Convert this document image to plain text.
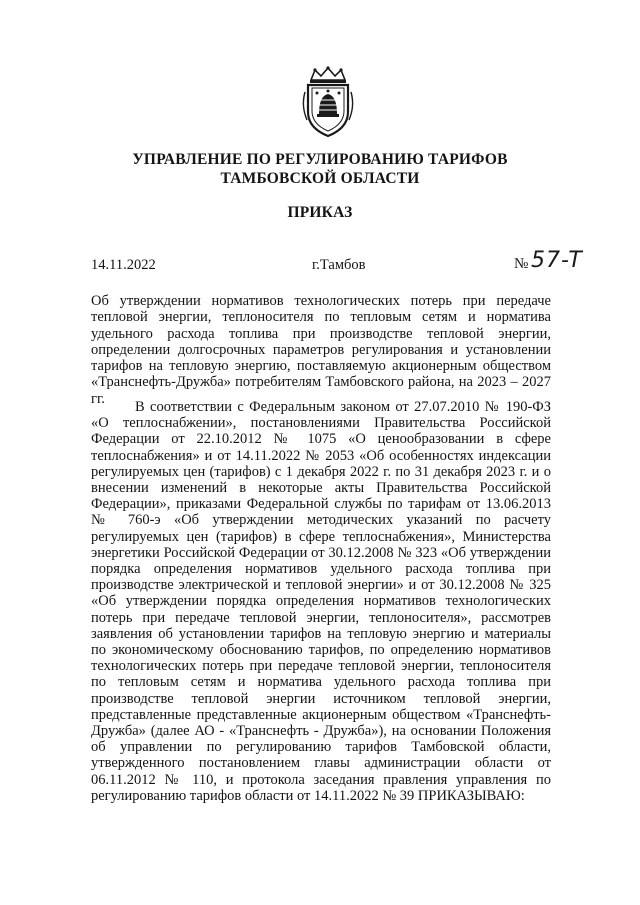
УПРАВЛЕНИЕ ПО РЕГУЛИРОВАНИЮ ТАРИФОВ
ТАМБОВСКОЙ ОБЛАСТИ
ПРИКАЗ
14.11.2022	г.Тамбов	№ 57-T
Об утверждении нормативов технологических потерь при передаче тепловой энергии, теплоносителя по тепловым сетям и норматива удельного расхода топлива при производстве тепловой энергии, определении долгосрочных параметров регулирования и установлении тарифов на тепловую энергию, поставляемую акционерным обществом «Транснефть-Дружба» потребителям Тамбовского района, на 2023 – 2027 гг.

В соответствии с Федеральным законом от 27.07.2010 № 190-ФЗ «О теплоснабжении», постановлениями Правительства Российской Федерации от 22.10.2012 № 1075 «О ценообразовании в сфере теплоснабжения» и от 14.11.2022 № 2053 «Об особенностях индексации регулируемых цен (тарифов) с 1 декабря 2022 г. по 31 декабря 2023 г. и о внесении изменений в некоторые акты Правительства Российской Федерации», приказами Федеральной службы по тарифам от 13.06.2013 № 760-э «Об утверждении методических указаний по расчету регулируемых цен (тарифов) в сфере теплоснабжения», Министерства энергетики Российской Федерации от 30.12.2008 № 323 «Об утверждении порядка определения нормативов удельного расхода топлива при производстве электрической и тепловой энергии» и от 30.12.2008 № 325 «Об утверждении порядка определения нормативов технологических потерь при передаче тепловой энергии, теплоносителя», рассмотрев заявления об установлении тарифов на тепловую энергию и материалы по экономическому обоснованию тарифов, по определению нормативов технологических потерь при передаче тепловой энергии, теплоносителя по тепловым сетям и норматива удельного расхода топлива при производстве тепловой энергии источником тепловой энергии, представленные представленные акционерным обществом «Транснефть-Дружба» (далее АО - «Транснефть - Дружба»), на основании Положения об управлении по регулированию тарифов Тамбовской области, утвержденного постановлением главы администрации области от 06.11.2012 № 110, и протокола заседания правления управления по регулированию тарифов области от 14.11.2022 № 39 ПРИКАЗЫВАЮ:
